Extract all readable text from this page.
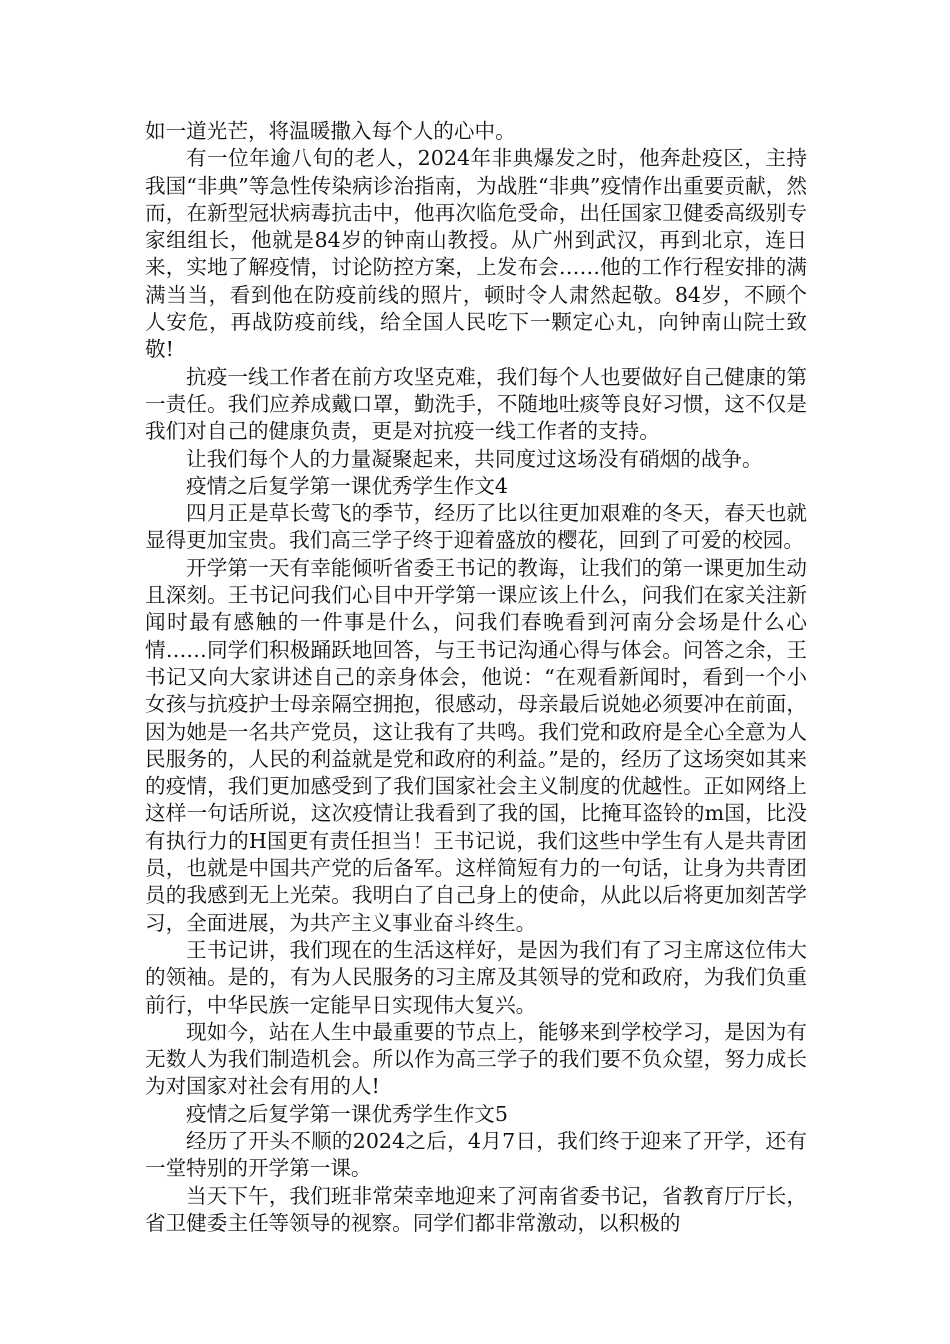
如一道光芒，将温暖撒入每个人的心中。

有一位年逾八旬的老人，2024年非典爆发之时，他奔赴疫区，主持我国“非典”等急性传染病诊治指南，为战胜“非典”疫情作出重要贡献，然而，在新型冠状病毒抗击中，他再次临危受命，出任国家卫健委高级别专家组组长，他就是84岁的钟南山教授。从广州到武汉，再到北京，连日来，实地了解疫情，讨论防控方案，上发布会……他的工作行程安排的满满当当，看到他在防疫前线的照片，顿时令人肃然起敬。84岁，不顾个人安危，再战防疫前线，给全国人民吃下一颗定心丸，向钟南山院士致敬!

抗疫一线工作者在前方攻坚克难，我们每个人也要做好自己健康的第一责任。我们应养成戴口罩，勤洗手，不随地吐痰等良好习惯，这不仅是我们对自己的健康负责，更是对抗疫一线工作者的支持。

让我们每个人的力量凝聚起来，共同度过这场没有硝烟的战争。

疫情之后复学第一课优秀学生作文4

四月正是草长莺飞的季节，经历了比以往更加艰难的冬天，春天也就显得更加宝贵。我们高三学子终于迎着盛放的樱花，回到了可爱的校园。

开学第一天有幸能倾听省委王书记的教诲，让我们的第一课更加生动且深刻。王书记问我们心目中开学第一课应该上什么，问我们在家关注新闻时最有感触的一件事是什么，问我们春晚看到河南分会场是什么心情……同学们积极踊跃地回答，与王书记沟通心得与体会。问答之余，王书记又向大家讲述自己的亲身体会，他说：“在观看新闻时，看到一个小女孩与抗疫护士母亲隔空拥抱，很感动，母亲最后说她必须要冲在前面，因为她是一名共产党员，这让我有了共鸣。我们党和政府是全心全意为人民服务的，人民的利益就是党和政府的利益。”是的，经历了这场突如其来的疫情，我们更加感受到了我们国家社会主义制度的优越性。正如网络上这样一句话所说，这次疫情让我看到了我的国，比掩耳盗铃的m国，比没有执行力的H国更有责任担当！王书记说，我们这些中学生有人是共青团员，也就是中国共产党的后备军。这样简短有力的一句话，让身为共青团员的我感到无上光荣。我明白了自己身上的使命，从此以后将更加刻苦学习，全面进展，为共产主义事业奋斗终生。

王书记讲，我们现在的生活这样好，是因为我们有了习主席这位伟大的领袖。是的，有为人民服务的习主席及其领导的党和政府，为我们负重前行，中华民族一定能早日实现伟大复兴。

现如今，站在人生中最重要的节点上，能够来到学校学习，是因为有无数人为我们制造机会。所以作为高三学子的我们要不负众望，努力成长为对国家对社会有用的人!

疫情之后复学第一课优秀学生作文5

经历了开头不顺的2024之后，4月7日，我们终于迎来了开学，还有一堂特别的开学第一课。

当天下午，我们班非常荣幸地迎来了河南省委书记，省教育厅厅长，省卫健委主任等领导的视察。同学们都非常激动，以积极的
